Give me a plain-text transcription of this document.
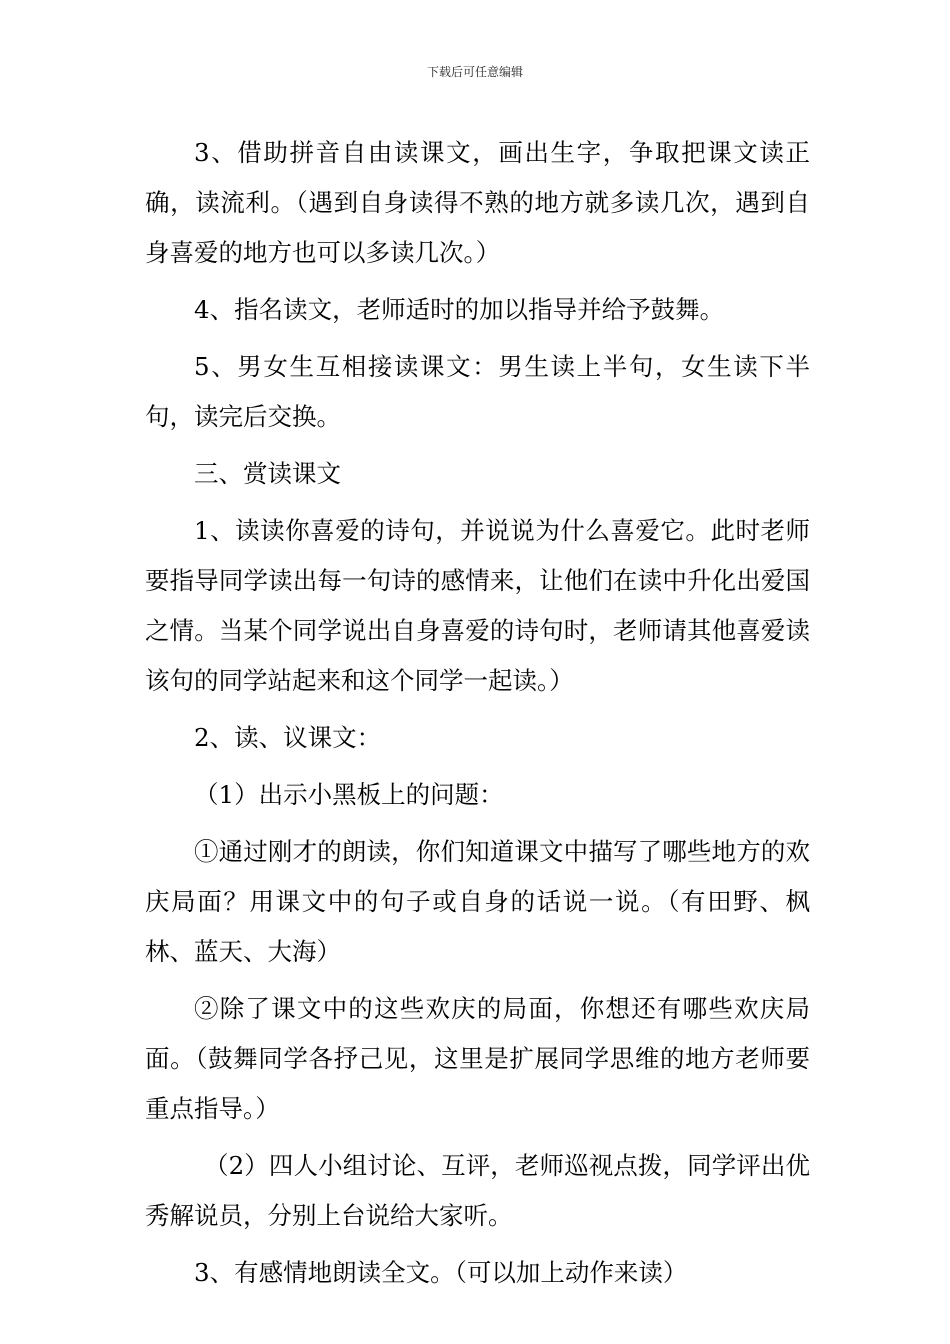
下载后可任意编辑

3、借助拼音自由读课文，画出生字，争取把课文读正确，读流利。（遇到自身读得不熟的地方就多读几次，遇到自身喜爱的地方也可以多读几次。）

4、指名读文，老师适时的加以指导并给予鼓舞。

5、男女生互相接读课文：男生读上半句，女生读下半句，读完后交换。

三、赏读课文

1、读读你喜爱的诗句，并说说为什么喜爱它。此时老师要指导同学读出每一句诗的感情来，让他们在读中升化出爱国之情。当某个同学说出自身喜爱的诗句时，老师请其他喜爱读该句的同学站起来和这个同学一起读。）

2、读、议课文：

（1）出示小黑板上的问题：

①通过刚才的朗读，你们知道课文中描写了哪些地方的欢庆局面？用课文中的句子或自身的话说一说。（有田野、枫林、蓝天、大海）

②除了课文中的这些欢庆的局面，你想还有哪些欢庆局面。（鼓舞同学各抒己见，这里是扩展同学思维的地方老师要重点指导。）

（2）四人小组讨论、互评，老师巡视点拨，同学评出优秀解说员，分别上台说给大家听。

3、有感情地朗读全文。（可以加上动作来读）
